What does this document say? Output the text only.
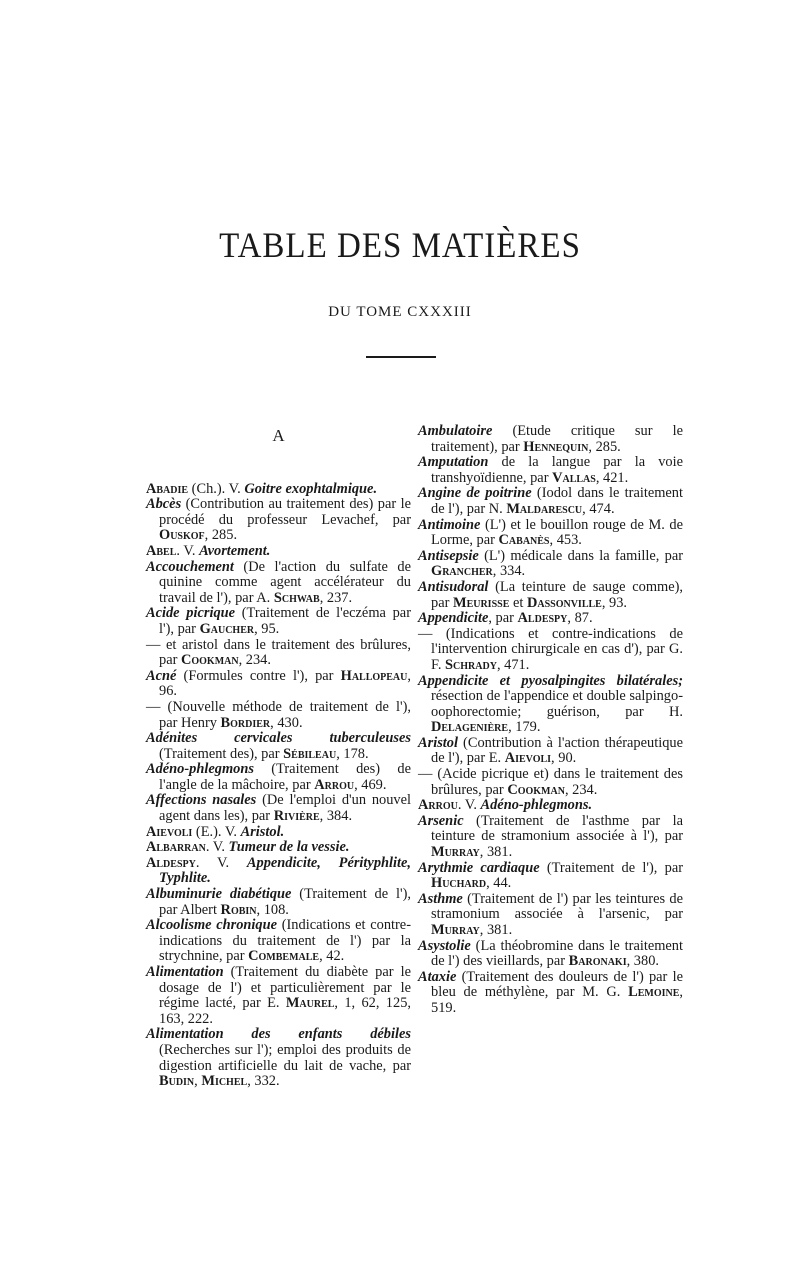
TABLE DES MATIÈRES
DU TOME CXXXIII
A

Abadie (Ch.). V. Goitre exophtalmique.

Abcès (Contribution au traitement des) par le procédé du professeur Levachef, par Ouskof, 285.

Abel. V. Avortement.

Accouchement (De l'action du sulfate de quinine comme agent accélérateur du travail de l'), par A. Schwab, 237.

Acide picrique (Traitement de l'eczéma par l'), par Gaucher, 95.

— et aristol dans le traitement des brûlures, par Cookman, 234.

Acné (Formules contre l'), par Hallopeau, 96.

— (Nouvelle méthode de traitement de l'), par Henry Bordier, 430.

Adénites cervicales tuberculeuses (Traitement des), par Sébileau, 178.

Adéno-phlegmons (Traitement des) de l'angle de la mâchoire, par Arrou, 469.

Affections nasales (De l'emploi d'un nouvel agent dans les), par Rivière, 384.

Aievoli (E.). V. Aristol.

Albarran. V. Tumeur de la vessie.

Aldespy. V. Appendicite, Pérityphlite, Typhlite.

Albuminurie diabétique (Traitement de l'), par Albert Robin, 108.

Alcoolisme chronique (Indications et contre-indications du traitement de l') par la strychnine, par Combemale, 42.

Alimentation (Traitement du diabète par le dosage de l') et particulièrement par le régime lacté, par E. Maurel, 1, 62, 125, 163, 222.

Alimentation des enfants débiles (Recherches sur l'); emploi des produits de digestion artificielle du lait de vache, par Budin, Michel, 332.

Ambulatoire (Etude critique sur le traitement), par Hennequin, 285.

Amputation de la langue par la voie transhyoïdienne, par Vallas, 421.

Angine de poitrine (Iodol dans le traitement de l'), par N. Maldarescu, 474.

Antimoine (L') et le bouillon rouge de M. de Lorme, par Cabanès, 453.

Antisepsie (L') médicale dans la famille, par Grancher, 334.

Antisudoral (La teinture de sauge comme), par Meurisse et Dassonville, 93.

Appendicite, par Aldespy, 87.

— (Indications et contre-indications de l'intervention chirurgicale en cas d'), par G. F. Schrady, 471.

Appendicite et pyosalpingites bilatérales; résection de l'appendice et double salpingo-oophorectomie; guérison, par H. Delagenière, 179.

Aristol (Contribution à l'action thérapeutique de l'), par E. Aievoli, 90.

— (Acide picrique et) dans le traitement des brûlures, par Cookman, 234.

Arrou. V. Adéno-phlegmons.

Arsenic (Traitement de l'asthme par la teinture de stramonium associée à l'), par Murray, 381.

Arythmie cardiaque (Traitement de l'), par Huchard, 44.

Asthme (Traitement de l') par les teintures de stramonium associée à l'arsenic, par Murray, 381.

Asystolie (La théobromine dans le traitement de l') des vieillards, par Baronaki, 380.

Ataxie (Traitement des douleurs de l') par le bleu de méthylène, par M. G. Lemoine, 519.
